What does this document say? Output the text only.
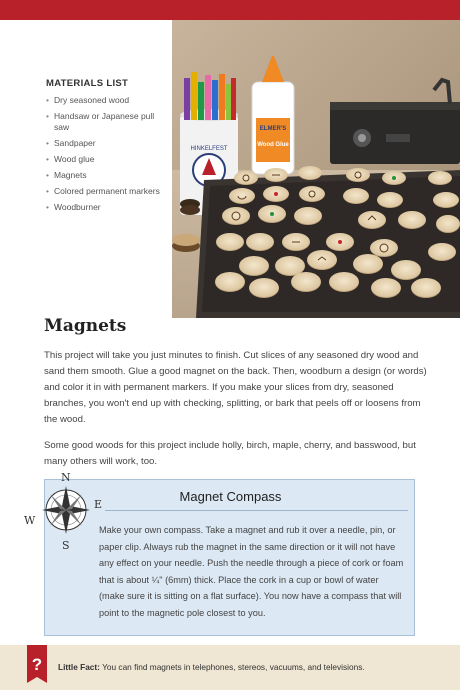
MATERIALS LIST
• Dry seasoned wood
• Handsaw or Japanese pull saw
• Sandpaper
• Wood glue
• Magnets
• Colored permanent markers
• Woodburner
HINKELFEST
ELMER'S
Wood Glue
Magnets

This project will take you just minutes to finish. Cut slices of any seasoned dry wood and sand them smooth. Glue a good magnet on the back. Then, woodburn a design (or words) and color it in with permanent markers. If you make your slices from dry, seasoned branches, you won't end up with checking, splitting, or bark that peels off or loosens from the wood.

Some good woods for this project include holly, birch, maple, cherry, and basswood, but many others will work, too.

Magnet Compass

Make your own compass. Take a magnet and rub it over a needle, pin, or paper clip. Always rub the magnet in the same direction or it will not have any effect on your needle. Push the needle through a piece of cork or foam that is about ¼" (6mm) thick. Place the cork in a cup or bowl of water (make sure it is sitting on a flat surface). You now have a compass that will point to the magnetic pole closest to you.

N
E
S
W
? Little Fact: You can find magnets in telephones, stereos, vacuums, and televisions.
